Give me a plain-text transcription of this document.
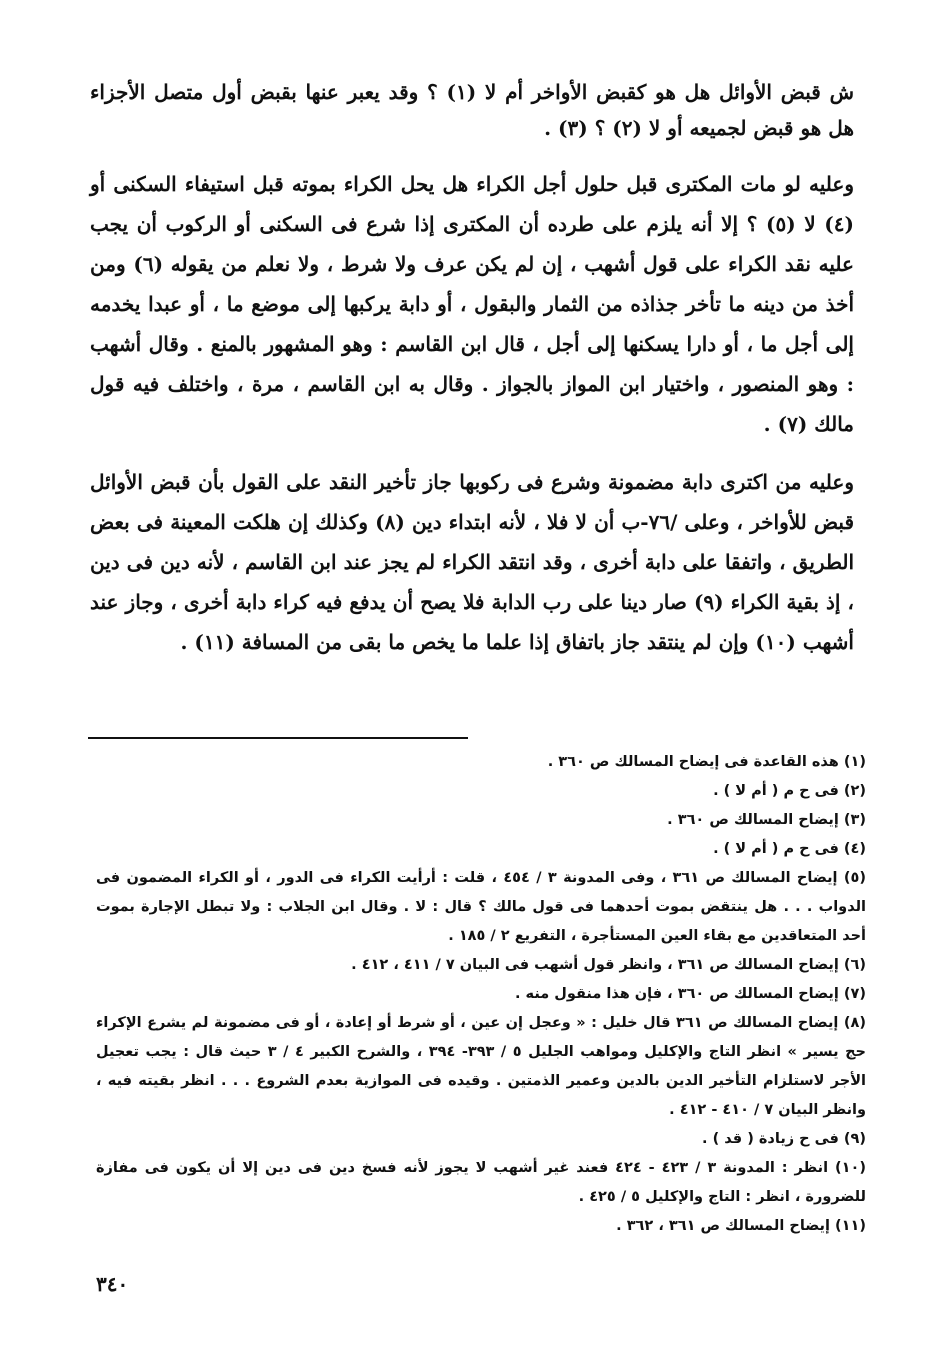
ش قبض الأوائل هل هو كقبض الأواخر أم لا (١) ؟ وقد يعبر عنها بقبض أول متصل الأجزاء هل هو قبض لجميعه أو لا (٢) ؟ (٣) .

وعليه لو مات المكترى قبل حلول أجل الكراء هل يحل الكراء بموته قبل استيفاء السكنى أو (٤) لا (٥) ؟ إلا أنه يلزم على طرده أن المكترى إذا شرع فى السكنى أو الركوب أن يجب عليه نقد الكراء على قول أشهب ، إن لم يكن عرف ولا شرط ، ولا نعلم من يقوله (٦) ومن أخذ من دينه ما تأخر جذاذه من الثمار والبقول ، أو دابة يركبها إلى موضع ما ، أو عبدا يخدمه إلى أجل ما ، أو دارا يسكنها إلى أجل ، قال ابن القاسم : وهو المشهور بالمنع . وقال أشهب : وهو المنصور ، واختيار ابن المواز بالجواز . وقال به ابن القاسم ، مرة ، واختلف فيه قول مالك (٧) .

وعليه من اكترى دابة مضمونة وشرع فى ركوبها جاز تأخير النقد على القول بأن قبض الأوائل قبض للأواخر ، وعلى /٧٦-ب أن لا فلا ، لأنه ابتداء دين (٨) وكذلك إن هلكت المعينة فى بعض الطريق ، واتفقا على دابة أخرى ، وقد انتقد الكراء لم يجز عند ابن القاسم ، لأنه دين فى دين ، إذ بقية الكراء (٩) صار دينا على رب الدابة فلا يصح أن يدفع فيه كراء دابة أخرى ، وجاز عند أشهب (١٠) وإن لم ينتقد جاز باتفاق إذا علما ما يخص ما بقى من المسافة (١١) .

(١) هذه القاعدة فى إيضاح المسالك ص ٣٦٠ .

(٢) فى ح م ( أم لا ) .

(٣) إيضاح المسالك ص ٣٦٠ .

(٤) فى ح م ( أم لا ) .

(٥) إيضاح المسالك ص ٣٦١ ، وفى المدونة ٣ / ٤٥٤ ، قلت : أرأيت الكراء فى الدور ، أو الكراء المضمون فى الدواب . . . هل ينتقض بموت أحدهما فى قول مالك ؟ قال : لا . وقال ابن الجلاب : ولا تبطل الإجارة بموت أحد المتعاقدين مع بقاء العين المستأجرة ، التفريع ٢ / ١٨٥ .

(٦) إيضاح المسالك ص ٣٦١ ، وانظر قول أشهب فى البيان ٧ / ٤١١ ، ٤١٢ .

(٧) إيضاح المسالك ص ٣٦٠ ، فإن هذا منقول منه .

(٨) إيضاح المسالك ص ٣٦١ قال خليل : « وعجل إن عين ، أو شرط أو إعادة ، أو فى مضمونة لم يشرع الإكراء حج يسير » انظر التاج والإكليل ومواهب الجليل ٥ / ٣٩٣- ٣٩٤ ، والشرح الكبير ٤ / ٣ حيث قال : يجب تعجيل الأجر لاستلزام التأخير الدين بالدين وعمير الذمتين . وقيده فى الموازية بعدم الشروع . . . انظر بقيته فيه ، وانظر البيان ٧ / ٤١٠ - ٤١٢ .

(٩) فى ح زيادة ( قد ) .

(١٠) انظر : المدونة ٣ / ٤٢٣ - ٤٢٤ فعند غير أشهب لا يجوز لأنه فسخ دين فى دين إلا أن يكون فى مفازة للضرورة ، انظر : التاج والإكليل ٥ / ٤٢٥ .

(١١) إيضاح المسالك ص ٣٦١ ، ٣٦٢ .

٣٤٠
